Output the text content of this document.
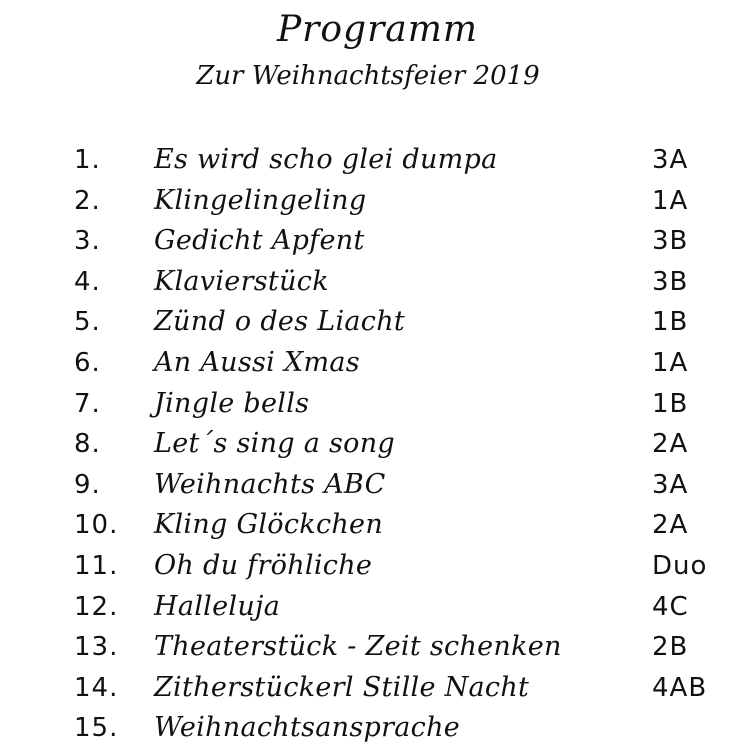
Programm
Zur Weihnachtsfeier 2019
1. Es wird scho glei dumpa	3A
2. Klingelingeling	1A
3. Gedicht Apfent	3B
4. Klavierstück	3B
5. Zünd o des Liacht	1B
6. An Aussi Xmas	1A
7. Jingle bells	1B
8. Let´s sing a song	2A
9. Weihnachts ABC	3A
10. Kling Glöckchen	2A
11. Oh du fröhliche	Duo
12. Halleluja	4C
13. Theaterstück - Zeit schenken	2B
14. Zitherstückerl Stille Nacht	4AB
15. Weihnachtsansprache
